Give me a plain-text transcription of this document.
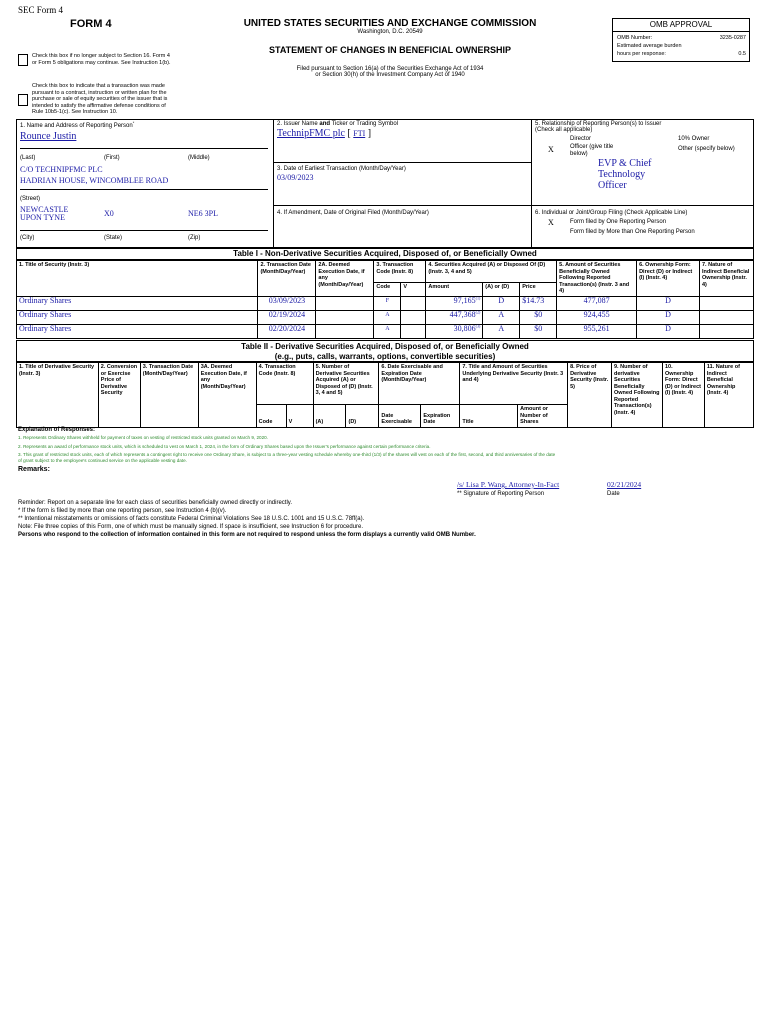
SEC Form 4
FORM 4
Check this box if no longer subject to Section 16. Form 4 or Form 5 obligations may continue. See Instruction 1(b).
Check this box to indicate that a transaction was made pursuant to a contract, instruction or written plan for the purchase or sale of equity securities of the issuer that is intended to satisfy the affirmative defense conditions of Rule 10b5-1(c). See Instruction 10.
UNITED STATES SECURITIES AND EXCHANGE COMMISSION
Washington, D.C. 20549
STATEMENT OF CHANGES IN BENEFICIAL OWNERSHIP
Filed pursuant to Section 16(a) of the Securities Exchange Act of 1934
or Section 30(h) of the Investment Company Act of 1940
OMB APPROVAL
OMB Number:	3235-0287
Estimated average burden
hours per response:	0.5
1. Name and Address of Reporting Person*
Rounce Justin
(Last)	(First)	(Middle)
C/O TECHNIPFMC PLC
HADRIAN HOUSE, WINCOMBLEE ROAD
(Street)
NEWCASTLE
UPON TYNE	X0	NE6 3PL
(City)	(State)	(Zip)
2. Issuer Name and Ticker or Trading Symbol
TechnipFMC plc [ FTI ]
3. Date of Earliest Transaction (Month/Day/Year)
03/09/2023
4. If Amendment, Date of Original Filed (Month/Day/Year)
5. Relationship of Reporting Person(s) to Issuer
(Check all applicable)
Director	10% Owner
X	Officer (give title below)
Other (specify below)
EVP & Chief
Technology
Officer
6. Individual or Joint/Group Filing (Check Applicable Line)
X	Form filed by One Reporting Person
Form filed by More than One Reporting Person
Table I - Non-Derivative Securities Acquired, Disposed of, or Beneficially Owned
1. Title of Security (Instr. 3)	2. Transaction Date (Month/Day/Year)	2A. Deemed Execution Date, if any (Month/Day/Year)	3. Transaction Code (Instr. 8)		4. Securities Acquired (A) or Disposed Of (D) (Instr. 3, 4 and 5)			5. Amount of Securities Beneficially Owned Following Reported Transaction(s) (Instr. 3 and 4)	6. Ownership Form: Direct (D) or Indirect (I) (Instr. 4)	7. Nature of Indirect Beneficial Ownership (Instr. 4)
			Code	V	Amount	(A) or (D)	Price			
Ordinary Shares	03/09/2023		F		97,165$^{(1)}$	D	$14.73	477,087	D	
Ordinary Shares	02/19/2024		A		447,368$^{(2)}$	A	$0	924,455	D	
Ordinary Shares	02/20/2024		A		30,806$^{(3)}$	A	$0	955,261	D	
Table II - Derivative Securities Acquired, Disposed of, or Beneficially Owned
(e.g., puts, calls, warrants, options, convertible securities)
1. Title of Derivative Security (Instr. 3)	2. Conversion or Exercise Price of Derivative Security	3. Transaction Date (Month/Day/Year)	3A. Deemed Execution Date, if any (Month/Day/Year)	4. Transaction Code (Instr. 8)		5. Number of Derivative Securities Acquired (A) or Disposed of (D) (Instr. 3, 4 and 5)		6. Date Exercisable and Expiration Date (Month/Day/Year)		7. Title and Amount of Securities Underlying Derivative Security (Instr. 3 and 4)		8. Price of Derivative Security (Instr. 5)	9. Number of derivative Securities Beneficially Owned Following Reported Transaction(s) (Instr. 4)	10. Ownership Form: Direct (D) or Indirect (I) (Instr. 4)	11. Nature of Indirect Beneficial Ownership (Instr. 4)
				Code	V	(A)	(D)	Date Exercisable	Expiration Date	Title	Amount or Number of Shares				
Explanation of Responses:
1. Represents Ordinary Shares withheld for payment of taxes on vesting of restricted stock units granted on March 9, 2020.
2. Represents an award of performance stock units, which is scheduled to vest on March 1, 2024, in the form of Ordinary Shares based upon the Issuer's performance against certain performance criteria.
3. This grant of restricted stock units, each of which represents a contingent right to receive one Ordinary Share, is subject to a three-year vesting schedule whereby one-third (1/3) of the shares will vest on each of the first, second, and third anniversaries of the date
of grant subject to the employee's continued service on the applicable vesting date.
Remarks:
/s/ Lisa P. Wang, Attorney-In-Fact	02/21/2024
** Signature of Reporting Person	Date
Reminder: Report on a separate line for each class of securities beneficially owned directly or indirectly.
* If the form is filed by more than one reporting person, see Instruction 4 (b)(v).
** Intentional misstatements or omissions of facts constitute Federal Criminal Violations See 18 U.S.C. 1001 and 15 U.S.C. 78ff(a).
Note: File three copies of this Form, one of which must be manually signed. If space is insufficient, see Instruction 6 for procedure.
Persons who respond to the collection of information contained in this form are not required to respond unless the form displays a currently valid OMB Number.
